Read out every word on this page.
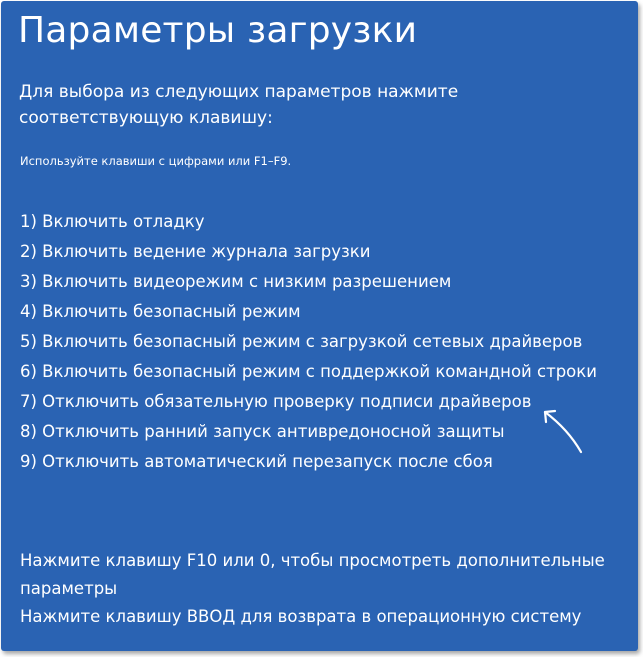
Параметры загрузки
Для выбора из следующих параметров нажмите соответствующую клавишу:
Используйте клавиши с цифрами или F1–F9.
1) Включить отладку
2) Включить ведение журнала загрузки
3) Включить видеорежим с низким разрешением
4) Включить безопасный режим
5) Включить безопасный режим с загрузкой сетевых драйверов
6) Включить безопасный режим с поддержкой командной строки
7) Отключить обязательную проверку подписи драйверов
8) Отключить ранний запуск антивредоносной защиты
9) Отключить автоматический перезапуск после сбоя
Нажмите клавишу F10 или 0, чтобы просмотреть дополнительные параметры
Нажмите клавишу ВВОД для возврата в операционную систему
